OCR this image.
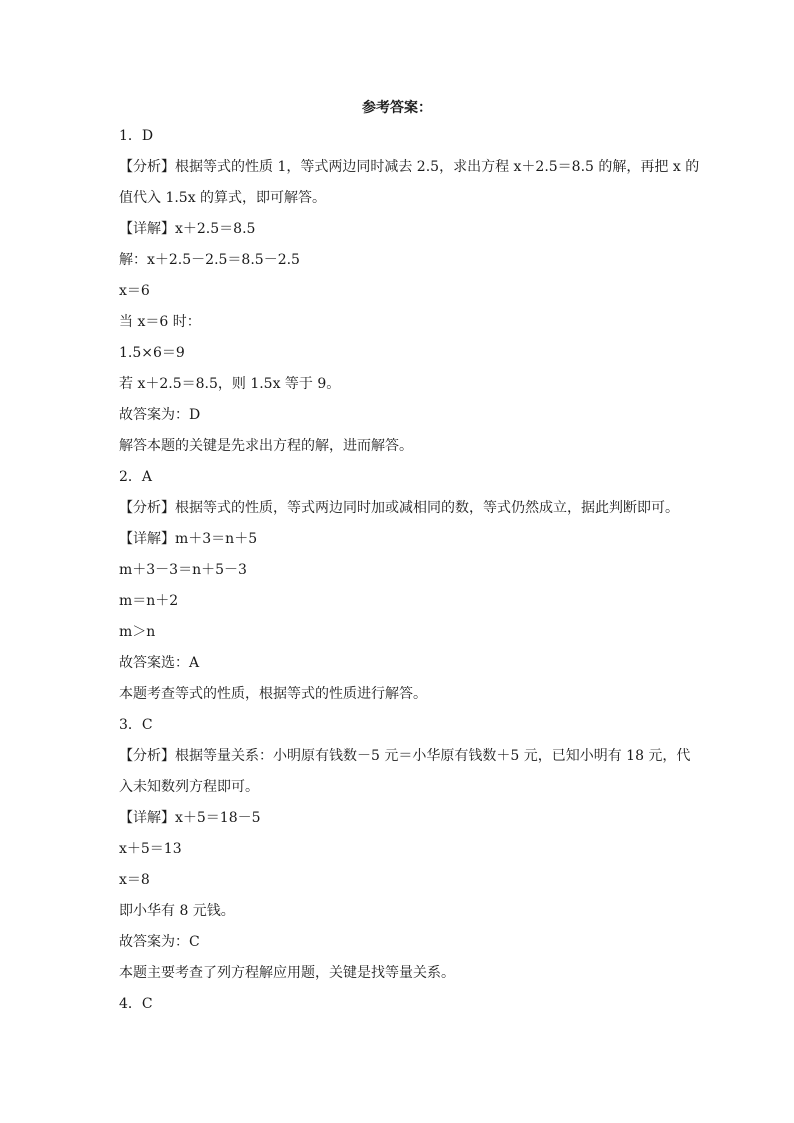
参考答案：
1．D
【分析】根据等式的性质 1，等式两边同时减去 2.5，求出方程 x＋2.5＝8.5 的解，再把 x 的
值代入 1.5x 的算式，即可解答。
【详解】x＋2.5＝8.5
解：x＋2.5－2.5＝8.5－2.5
x＝6
当 x＝6 时：
1.5×6＝9
若 x＋2.5＝8.5，则 1.5x 等于 9。
故答案为：D
解答本题的关键是先求出方程的解，进而解答。
2．A
【分析】根据等式的性质，等式两边同时加或减相同的数，等式仍然成立，据此判断即可。
【详解】m＋3＝n＋5
m＋3－3＝n＋5－3
m＝n＋2
m＞n
故答案选：A
本题考查等式的性质，根据等式的性质进行解答。
3．C
【分析】根据等量关系：小明原有钱数－5 元＝小华原有钱数＋5 元，已知小明有 18 元，代
入未知数列方程即可。
【详解】x＋5＝18－5
x＋5＝13
x＝8
即小华有 8 元钱。
故答案为：C
本题主要考查了列方程解应用题，关键是找等量关系。
4．C
